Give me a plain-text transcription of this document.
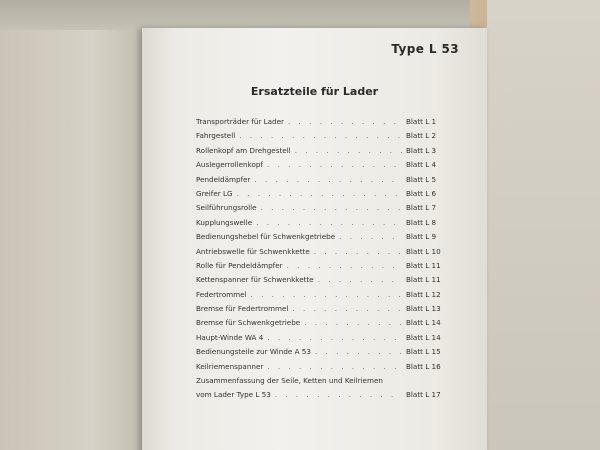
Type L 53
Ersatzteile für Lader
Transporträder für Lader . . .	Blatt L 1
Fahrgestell . . .	Blatt L 2
Rollenkopf am Drehgestell . . .	Blatt L 3
Auslegerrollenkopf . . .	Blatt L 4
Pendeldämpfer . . .	Blatt L 5
Greifer LG . . .	Blatt L 6
Seilführungsrolle . . .	Blatt L 7
Kupplungswelle . . .	Blatt L 8
Bedienungshebel für Schwenkgetriebe . . .	Blatt L 9
Antriebswelle für Schwenkkette . . .	Blatt L 10
Rolle für Pendeldämpfer . . .	Blatt L 11
Kettenspanner für Schwenkkette . . .	Blatt L 11
Federtrommel . . .	Blatt L 12
Bremse für Federtrommel . . .	Blatt L 13
Bremse für Schwenkgetriebe . . .	Blatt L 14
Haupt-Winde WA 4 . . .	Blatt L 14
Bedienungsteile zur Winde A 53 . . .	Blatt L 15
Keilriemenspanner . . .	Blatt L 16
Zusammenfassung der Seile, Ketten und Keilriemen
vom Lader Type L 53 . . .	Blatt L 17
